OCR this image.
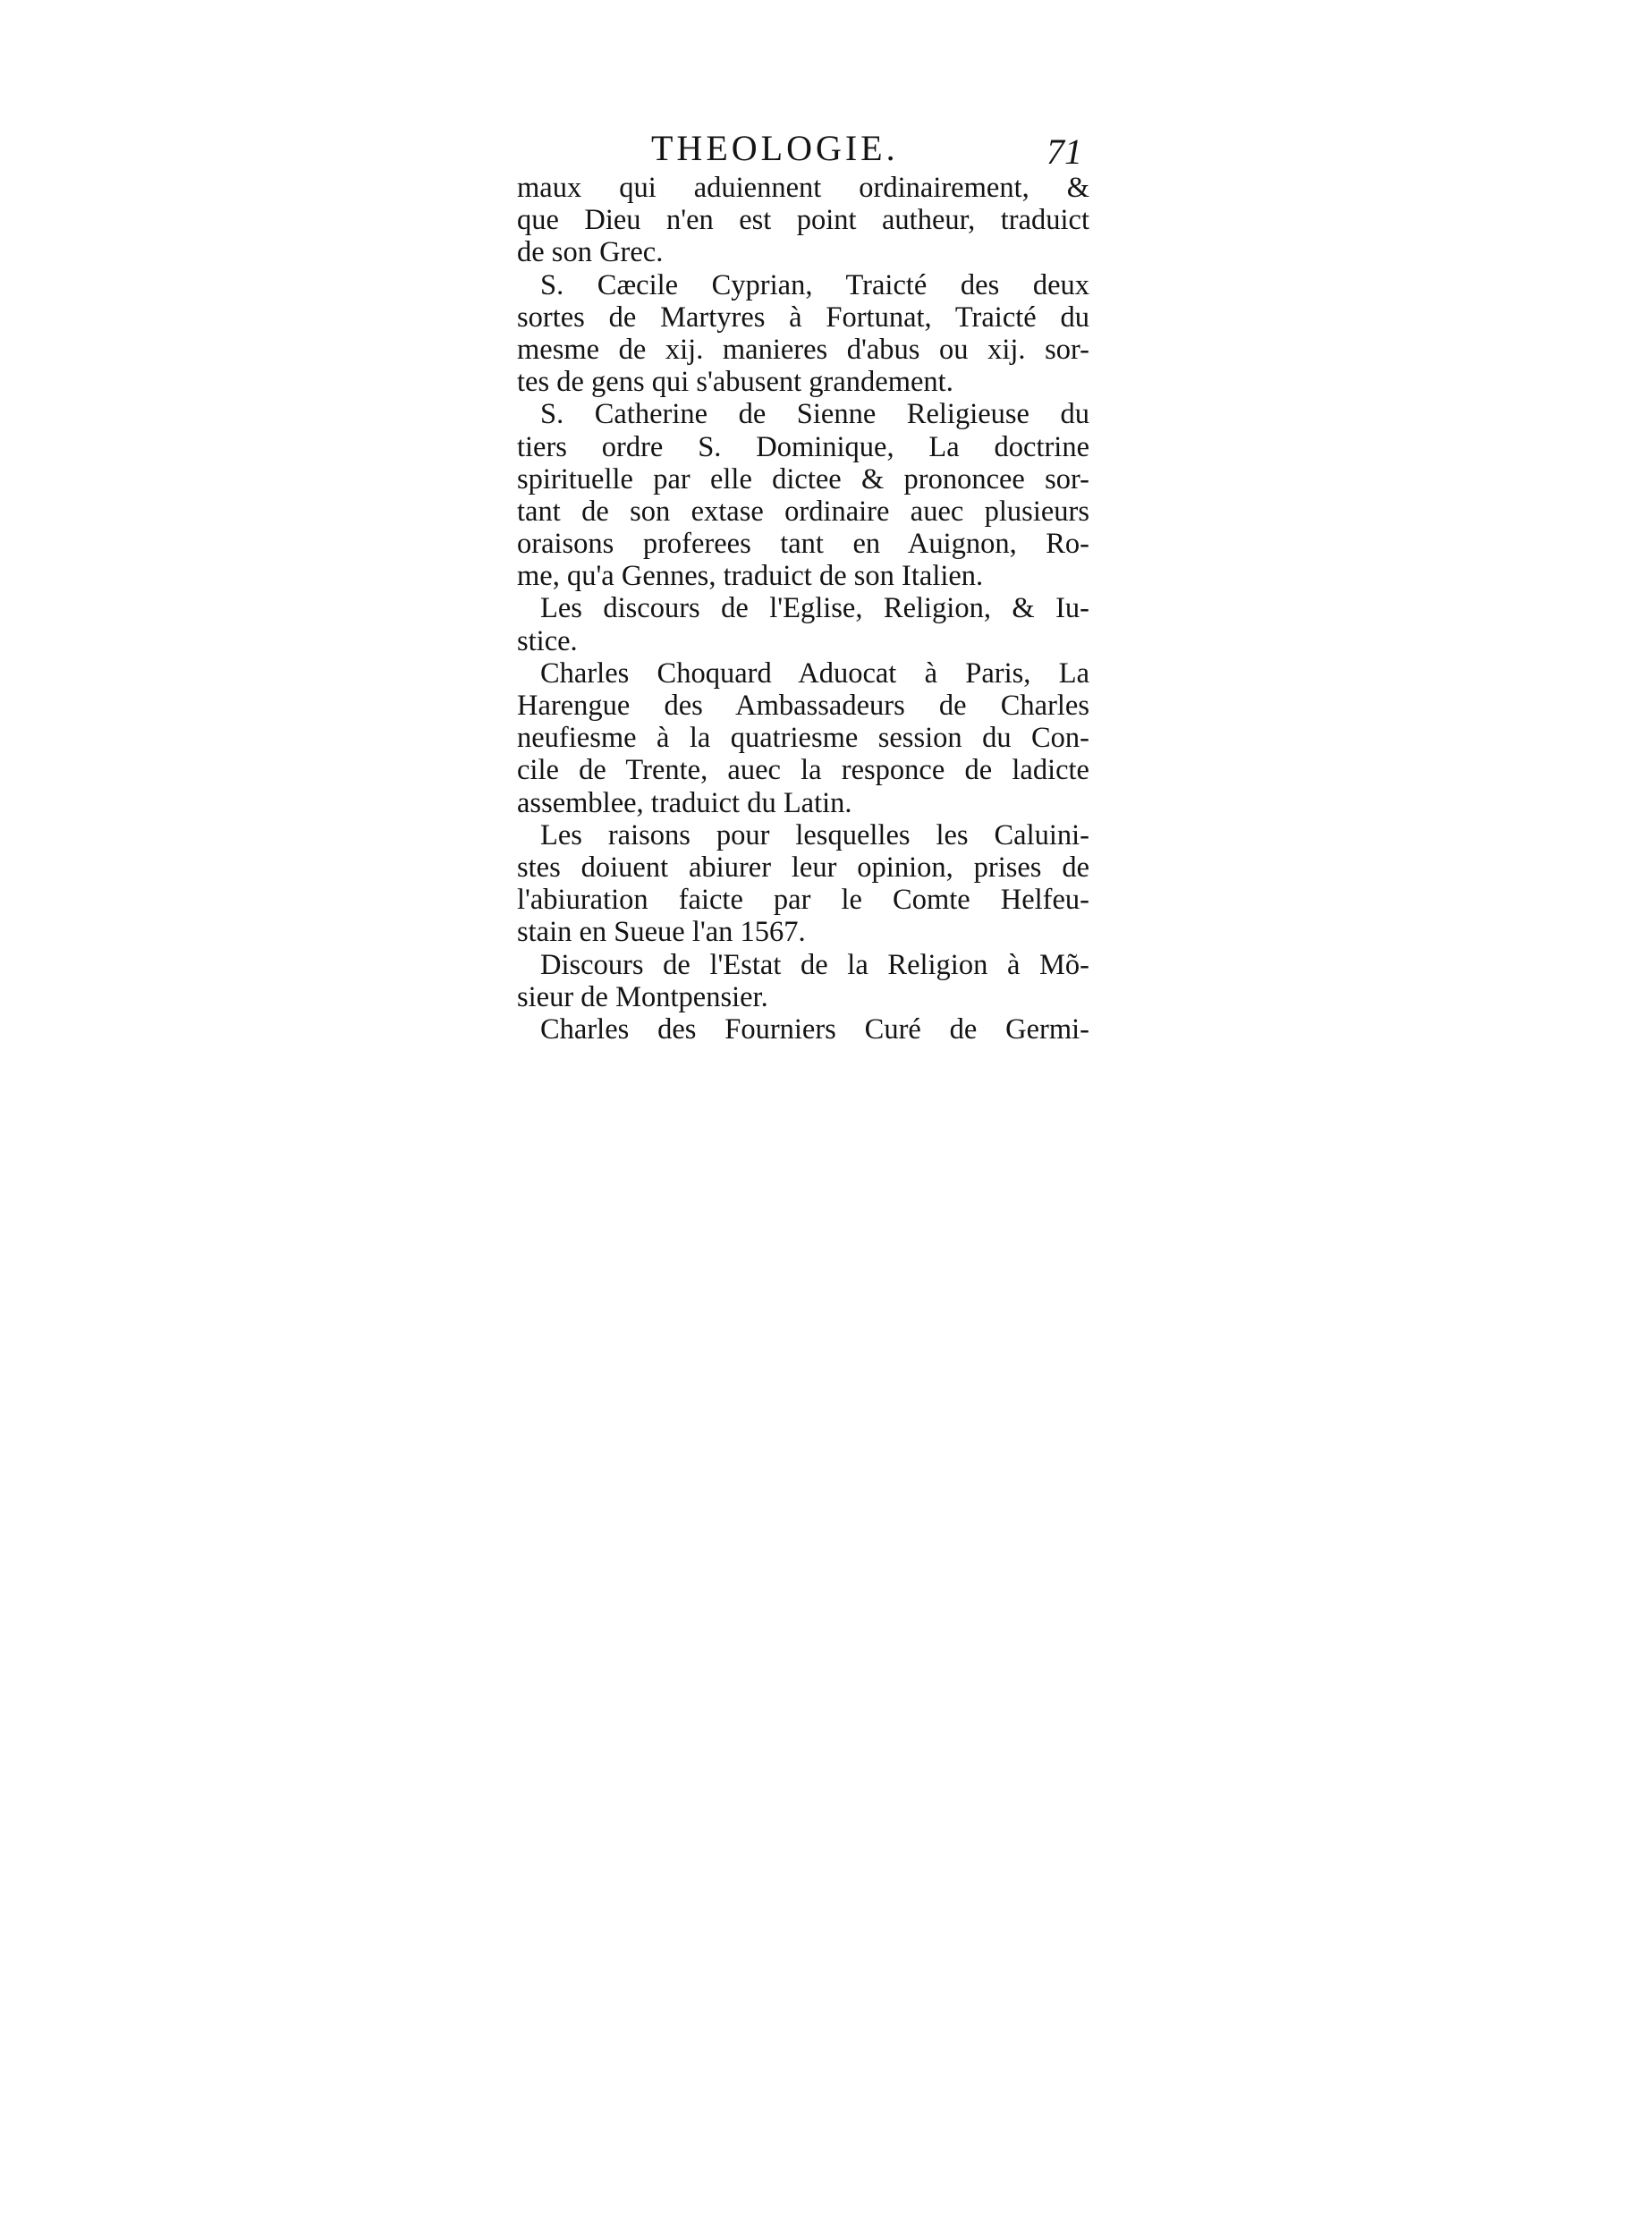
THEOLOGIE.	71
maux qui aduiennent ordinairement, &
que Dieu n'en est point autheur, traduict
de son Grec.
S. Cæcile Cyprian, Traicté des deux
sortes de Martyres à Fortunat, Traicté du
mesme de xij. manieres d'abus ou xij. sor-
tes de gens qui s'abusent grandement.
S. Catherine de Sienne Religieuse du
tiers ordre S. Dominique, La doctrine
spirituelle par elle dictee & prononcee sor-
tant de son extase ordinaire auec plusieurs
oraisons proferees tant en Auignon, Ro-
me, qu'a Gennes, traduict de son Italien.
Les discours de l'Eglise, Religion, & Iu-
stice.
Charles Choquard Aduocat à Paris, La
Harengue des Ambassadeurs de Charles
neufiesme à la quatriesme session du Con-
cile de Trente, auec la responce de ladicte
assemblee, traduict du Latin.
Les raisons pour lesquelles les Caluini-
stes doiuent abiurer leur opinion, prises de
l'abiuration faicte par le Comte Helfeu-
stain en Sueue l'an 1567.
Discours de l'Estat de la Religion à Mõ-
sieur de Montpensier.
Charles des Fourniers Curé de Germi-
